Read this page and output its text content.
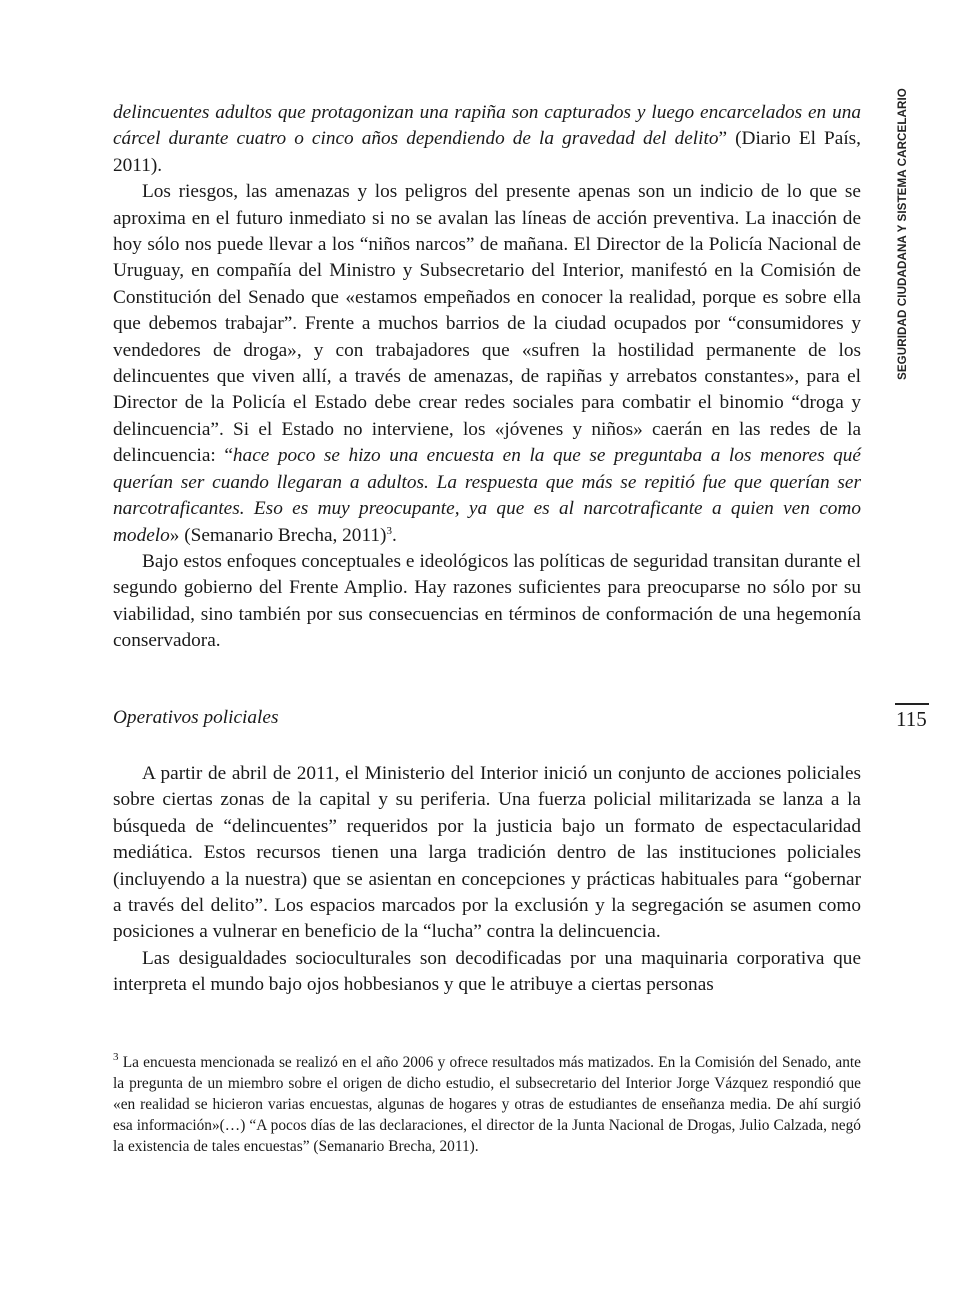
SEGURIDAD CIUDADANA Y SISTEMA CARCELARIO
115

delincuentes adultos que protagonizan una rapiña son capturados y luego encarcelados en una cárcel durante cuatro o cinco años dependiendo de la gravedad del delito” (Diario El País, 2011).

Los riesgos, las amenazas y los peligros del presente apenas son un indicio de lo que se aproxima en el futuro inmediato si no se avalan las líneas de acción preventiva. La inacción de hoy sólo nos puede llevar a los “niños narcos” de mañana. El Director de la Policía Nacional de Uruguay, en compañía del Ministro y Subsecretario del Interior, manifestó en la Comisión de Constitución del Senado que «estamos empeñados en conocer la realidad, porque es sobre ella que debemos trabajar”. Frente a muchos barrios de la ciudad ocupados por “consumidores y vendedores de droga», y con trabajadores que «sufren la hostilidad permanente de los delincuentes que viven allí, a través de amenazas, de rapiñas y arrebatos constantes», para el Director de la Policía el Estado debe crear redes sociales para combatir el binomio “droga y delincuencia”. Si el Estado no interviene, los «jóvenes y niños» caerán en las redes de la delincuencia: “hace poco se hizo una encuesta en la que se preguntaba a los menores qué querían ser cuando llegaran a adultos. La respuesta que más se repitió fue que querían ser narcotraficantes. Eso es muy preocupante, ya que es al narcotraficante a quien ven como modelo» (Semanario Brecha, 2011)$^3$.

Bajo estos enfoques conceptuales e ideológicos las políticas de seguridad transitan durante el segundo gobierno del Frente Amplio. Hay razones suficientes para preocuparse no sólo por su viabilidad, sino también por sus consecuencias en términos de conformación de una hegemonía conservadora.

Operativos policiales

A partir de abril de 2011, el Ministerio del Interior inició un conjunto de acciones policiales sobre ciertas zonas de la capital y su periferia. Una fuerza policial militarizada se lanza a la búsqueda de “delincuentes” requeridos por la justicia bajo un formato de espectacularidad mediática. Estos recursos tienen una larga tradición dentro de las instituciones policiales (incluyendo a la nuestra) que se asientan en concepciones y prácticas habituales para “gobernar a través del delito”. Los espacios marcados por la exclusión y la segregación se asumen como posiciones a vulnerar en beneficio de la “lucha” contra la delincuencia.

Las desigualdades socioculturales son decodificadas por una maquinaria corporativa que interpreta el mundo bajo ojos hobbesianos y que le atribuye a ciertas personas

$^3$ La encuesta mencionada se realizó en el año 2006 y ofrece resultados más matizados. En la Comisión del Senado, ante la pregunta de un miembro sobre el origen de dicho estudio, el subsecretario del Interior Jorge Vázquez respondió que «en realidad se hicieron varias encuestas, algunas de hogares y otras de estudiantes de enseñanza media. De ahí surgió esa información»(…) “A pocos días de las declaraciones, el director de la Junta Nacional de Drogas, Julio Calzada, negó la existencia de tales encuestas” (Semanario Brecha, 2011).
